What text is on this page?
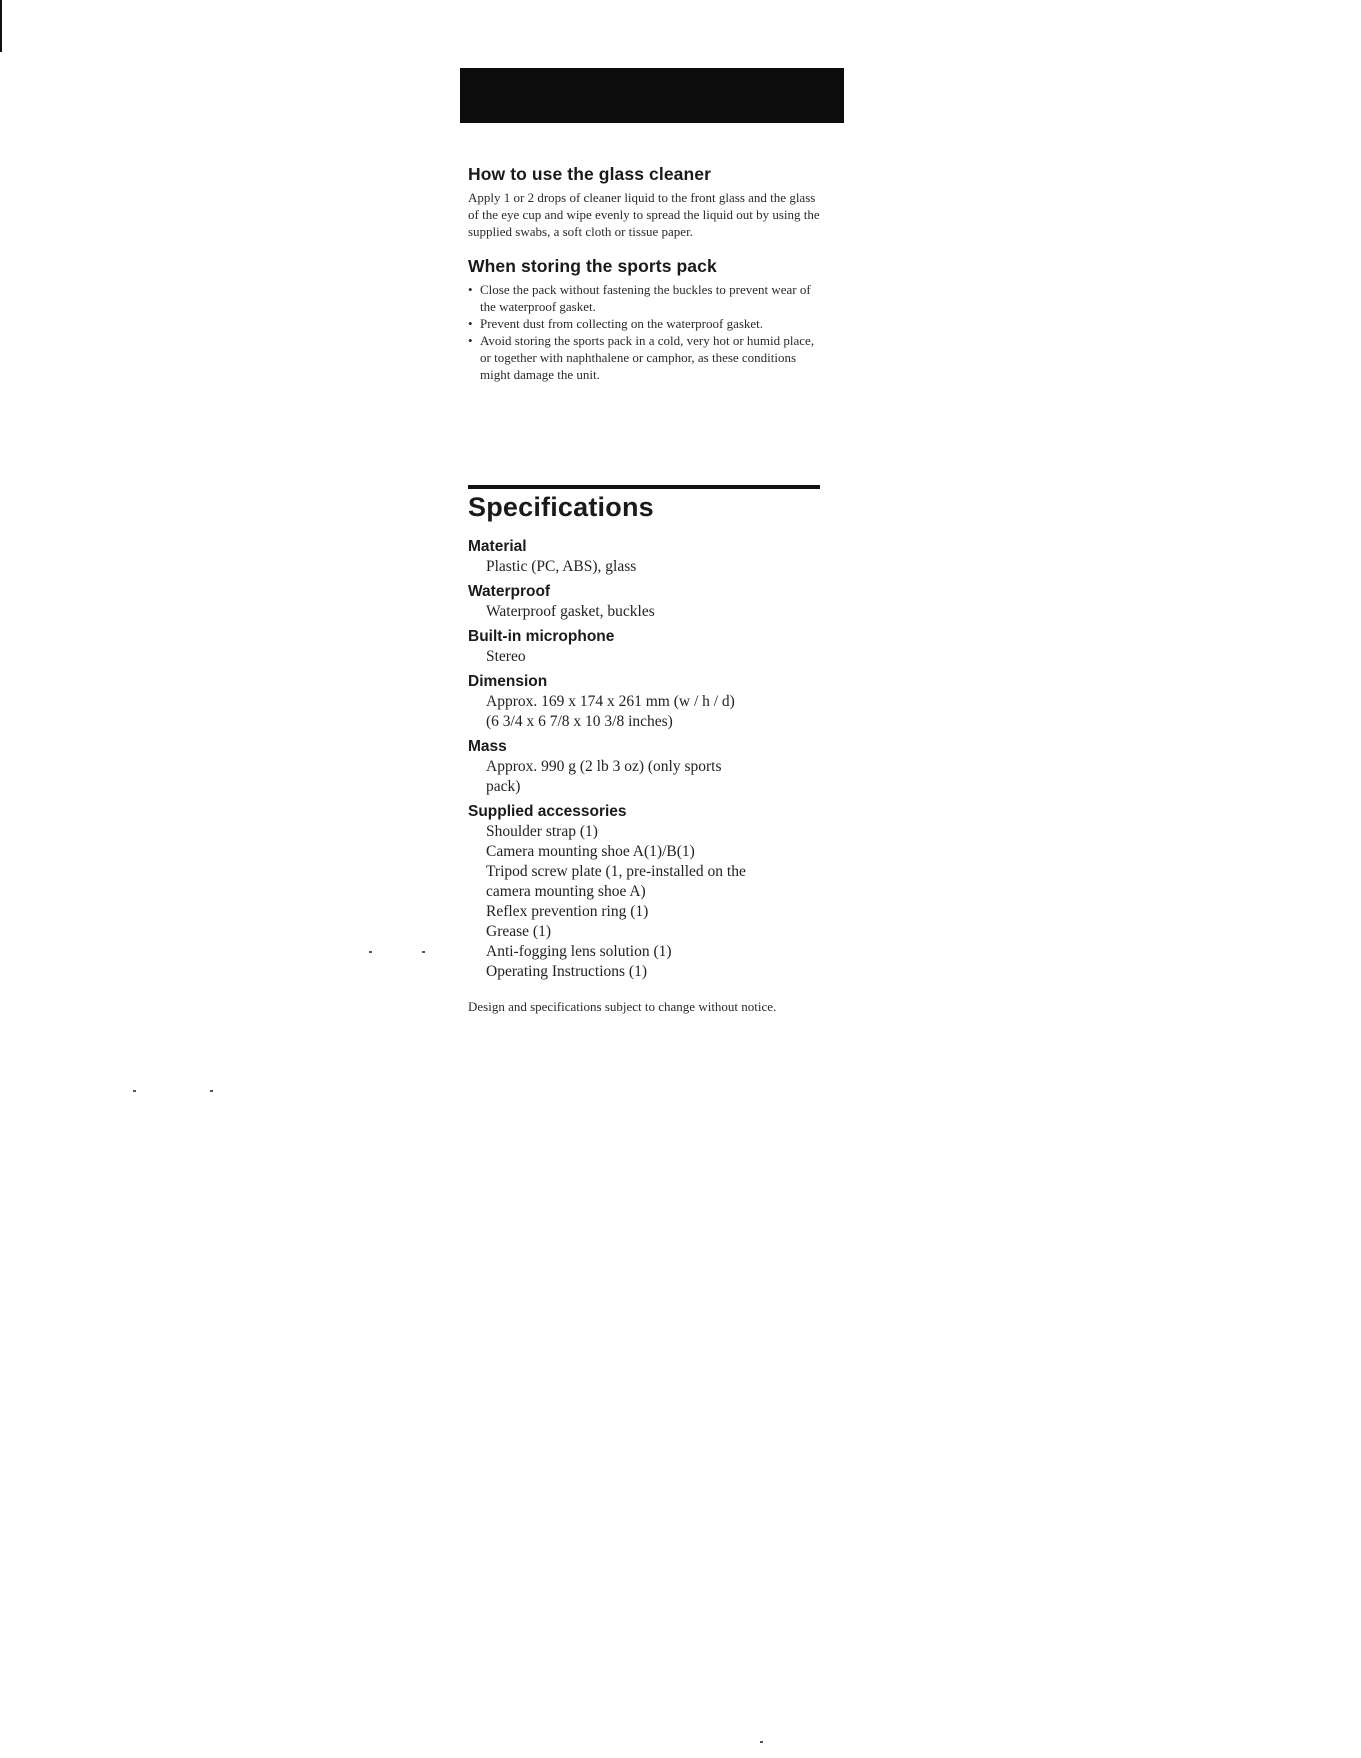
How to use the glass cleaner

Apply 1 or 2 drops of cleaner liquid to the front glass and the glass of the eye cup and wipe evenly to spread the liquid out by using the supplied swabs, a soft cloth or tissue paper.

When storing the sports pack
• Close the pack without fastening the buckles to prevent wear of the waterproof gasket.
• Prevent dust from collecting on the waterproof gasket.
• Avoid storing the sports pack in a cold, very hot or humid place, or together with naphthalene or camphor, as these conditions might damage the unit.
Specifications
Material
Plastic (PC, ABS), glass
Waterproof
Waterproof gasket, buckles
Built-in microphone
Stereo
Dimension
Approx. 169 x 174 x 261 mm (w / h / d)
(6 3/4 x 6 7/8 x 10 3/8 inches)
Mass
Approx. 990 g (2 lb 3 oz) (only sports
pack)
Supplied accessories
Shoulder strap (1)
Camera mounting shoe A(1)/B(1)
Tripod screw plate (1, pre-installed on the
camera mounting shoe A)
Reflex prevention ring (1)
Grease (1)
Anti-fogging lens solution (1)
Operating Instructions (1)

Design and specifications subject to change without notice.
